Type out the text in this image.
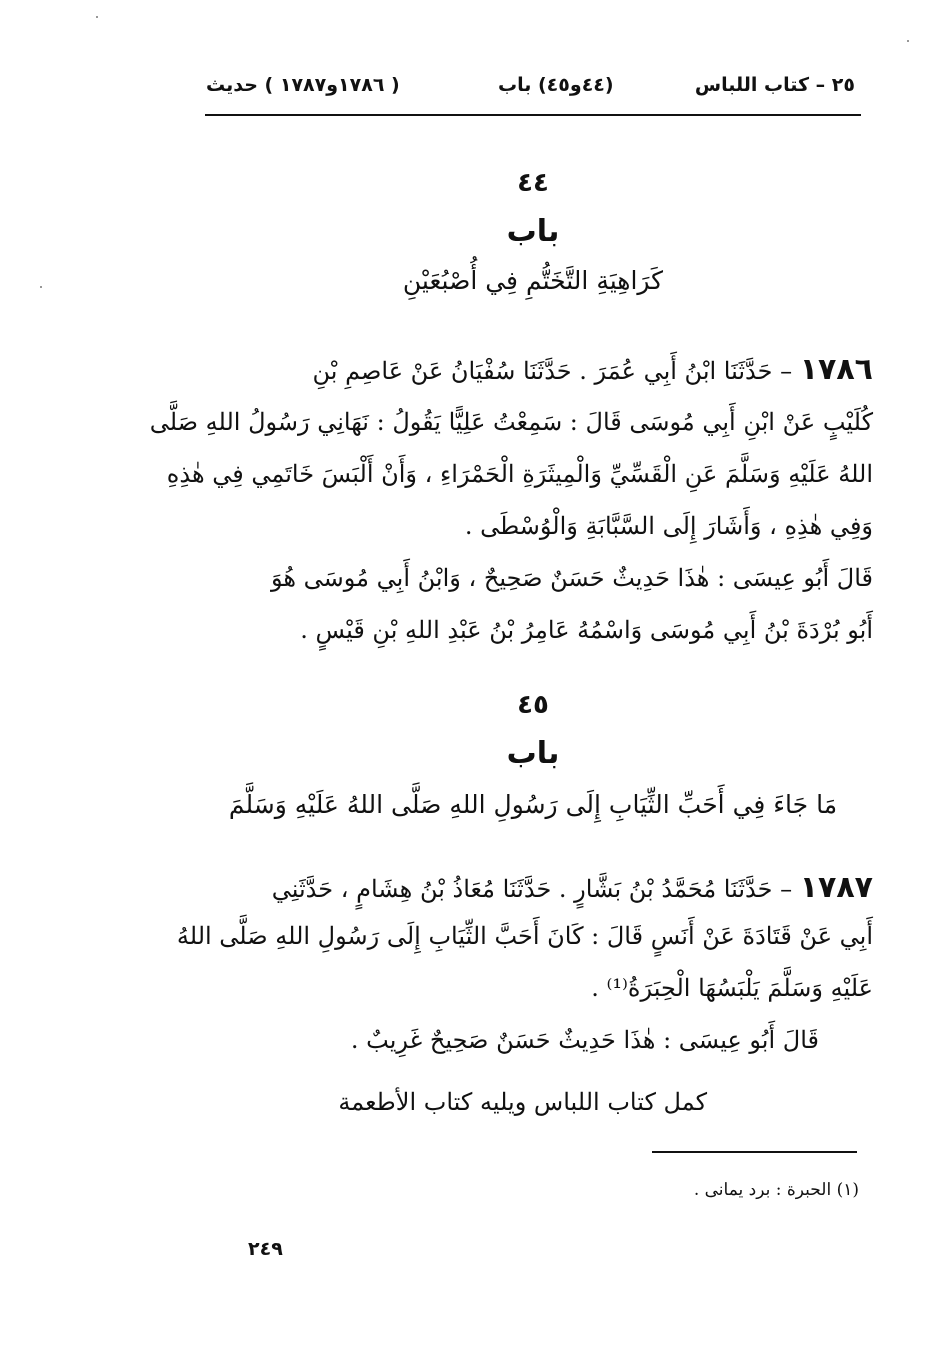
٢٥ – كتاب اللباس
(٤٤و٤٥) باب
( ١٧٨٦و١٧٨٧ ) حديث
٤٤
باب
كَرَاهِيَةِ التَّخَتُّمِ فِي أُصْبُعَيْنِ
١٧٨٦ – حَدَّثَنَا ابْنُ أَبِي عُمَرَ . حَدَّثَنَا سُفْيَانُ عَنْ عَاصِمِ بْنِ
كُلَيْبٍ عَنْ ابْنِ أَبِي مُوسَى قَالَ : سَمِعْتُ عَلِيًّا يَقُولُ : نَهَانِي رَسُولُ اللهِ صَلَّى
اللهُ عَلَيْهِ وَسَلَّمَ عَنِ الْقَسِّيِّ وَالْمِيثَرَةِ الْحَمْرَاءِ ، وَأَنْ أَلْبَسَ خَاتَمِي فِي هٰذِهِ
وَفِي هٰذِهِ ، وَأَشَارَ إِلَى السَّبَّابَةِ وَالْوُسْطَى .
قَالَ أَبُو عِيسَى : هٰذَا حَدِيثٌ حَسَنٌ صَحِيحٌ ، وَابْنُ أَبِي مُوسَى هُوَ
أَبُو بُرْدَةَ بْنُ أَبِي مُوسَى وَاسْمُهُ عَامِرُ بْنُ عَبْدِ اللهِ بْنِ قَيْسٍ .
٤٥
باب
مَا جَاءَ فِي أَحَبِّ الثِّيَابِ إِلَى رَسُولِ اللهِ صَلَّى اللهُ عَلَيْهِ وَسَلَّمَ
١٧٨٧ – حَدَّثَنَا مُحَمَّدُ بْنُ بَشَّارٍ . حَدَّثَنَا مُعَاذُ بْنُ هِشَامٍ ، حَدَّثَنِي
أَبِي عَنْ قَتَادَةَ عَنْ أَنَسٍ قَالَ : كَانَ أَحَبَّ الثِّيَابِ إِلَى رَسُولِ اللهِ صَلَّى اللهُ
عَلَيْهِ وَسَلَّمَ يَلْبَسُهَا الْحِبَرَةُ⁽¹⁾ .
قَالَ أَبُو عِيسَى : هٰذَا حَدِيثٌ حَسَنٌ صَحِيحٌ غَرِيبٌ .
كمل كتاب اللباس ويليه كتاب الأطعمة
(١) الحبرة : برد يمانى .
٢٤٩
